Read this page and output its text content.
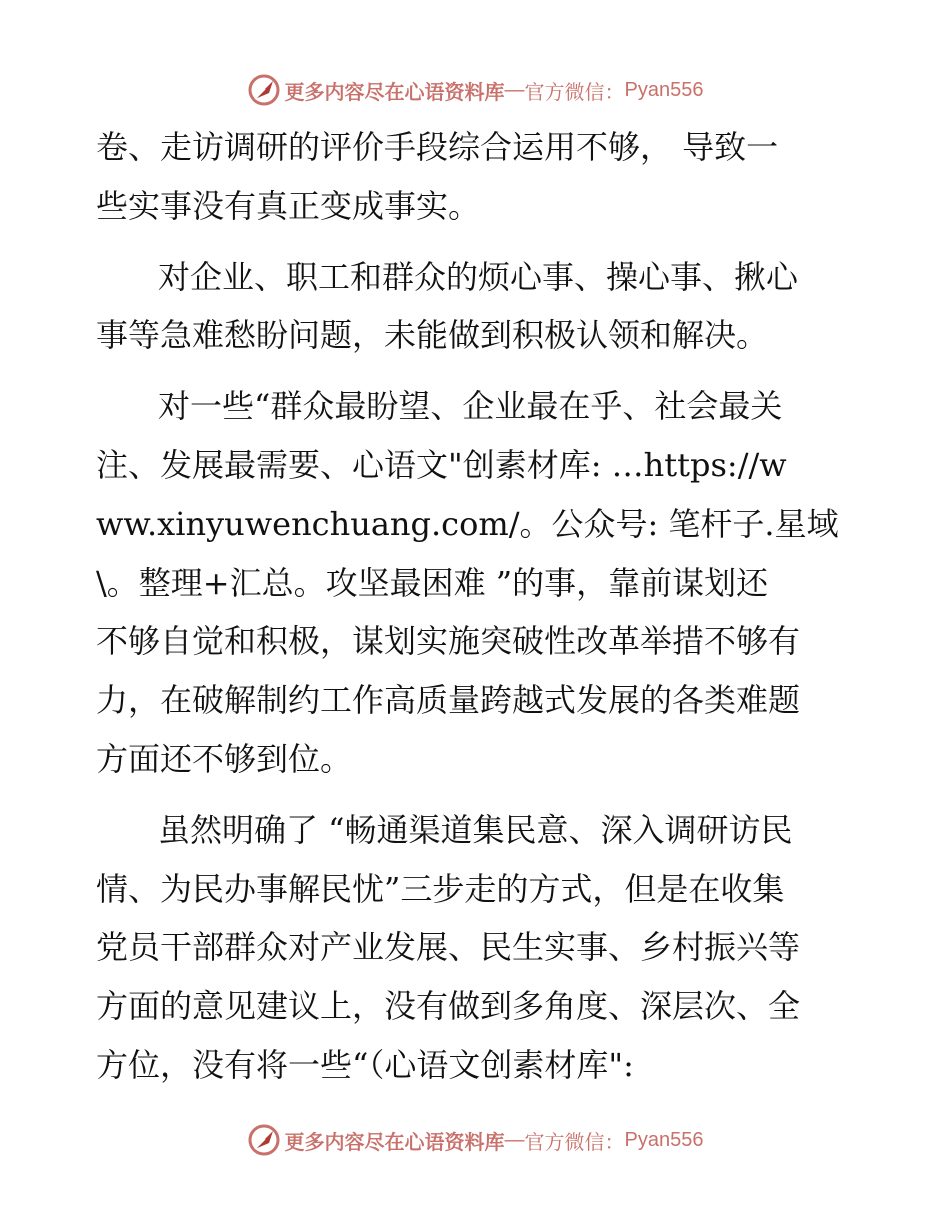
更多内容尽在心语资料库 — 官方微信： Pyan556
卷、走访调研的评价手段综合运用不够， 导致一
些实事没有真正变成事实。
对企业、职工和群众的烦心事、操心事、揪心
事等急难愁盼问题，未能做到积极认领和解决。
对一些“群众最盼望、企业最在乎、社会最关
注、发展最需要、心语文"创素材库: …https://w
ww.xinyuwenchuang.com/。公众号: 笔杆子.星域
\。整理+汇总。攻坚最困难 ”的事，靠前谋划还
不够自觉和积极，谋划实施突破性改革举措不够有
力，在破解制约工作高质量跨越式发展的各类难题
方面还不够到位。
虽然明确了 “畅通渠道集民意、深入调研访民
情、为民办事解民忧”三步走的方式，但是在收集
党员干部群众对产业发展、民生实事、乡村振兴等
方面的意见建议上，没有做到多角度、深层次、全
方位，没有将一些“（心语文创素材库":
更多内容尽在心语资料库 — 官方微信： Pyan556
